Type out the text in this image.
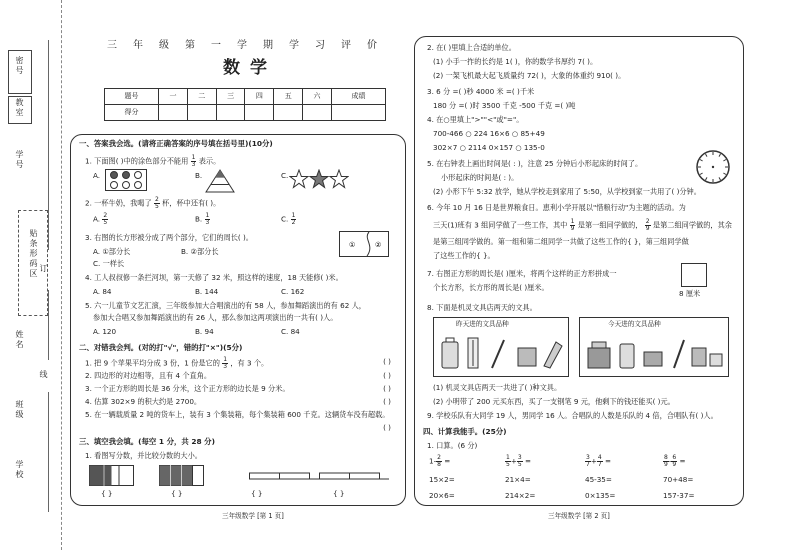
密号
教室
学号
贴条形码区 订
姓名
线
班级
学校
三年级第一学期学习评价
数学
题号	一	二	三	四	五	六	成绩
得分							
一、答案我会选。(请将正确答案的序号填在括号里)(10分)
1. 下面图( )中的涂色部分不能用 $\frac{1}{3}$ 表示。
A.	B.	C.
2. 一杯牛奶，我喝了 $\frac{2}{5}$ 杯，杯中还有( )。
A. $\frac{2}{5}$	B. $\frac{1}{3}$	C. $\frac{1}{2}$
3. 右图的长方形被分成了两个部分，它们的周长( )。
①	②
A. ①部分长	B. ②部分长
C. 一样长
4. 工人叔叔修一条拦河坝，第一天修了 32 米，照这样的速度，18 天能修( )米。
A. 84	B. 144	C. 162
5. 六一儿童节文艺汇演，三年级参加大合唱演出的有 58 人，参加舞蹈演出的有 62 人，
参加大合唱又参加舞蹈演出的有 26 人，那么参加这两项演出的一共有( )人。
A. 120	B. 94	C. 84
二、对错我会判。(对的打"√"，错的打"×")(5分)
1. 把 9 个苹果平均分成 3 份，1 份是它的 $\frac{1}{3}$ ，有 3 个。	( )
2. 四边形的对边相等，且有 4 个直角。	( )
3. 一个正方形的周长是 36 分米，这个正方形的边长是 9 分米。	( )
4. 估算 302×9 的积大约是 2700。	( )
5. 在一辆载质量 2 吨的货车上，装有 3 个集装箱，每个集装箱 600 千克。这辆货车没有超载。
( )
三、填空我会填。(每空 1 分，共 28 分)
1. 看图写分数，并比较分数的大小。
{ }	{ }	{ }	{ }
三年级数学 [第 1 页]
2. 在( )里填上合适的单位。
(1) 小手一拃的长约是 1( )，你的数学书厚约 7( )。
(2) 一架飞机最大起飞质量约 72( )，大象的体重约 910( )。
3. 6 分 =( )秒 4000 米 =( )千米
180 分 =( )时 3500 千克 -500 千克 =( )吨
4. 在○里填上">""<"或"="。
700-466 ○ 224 16×6 ○ 85+49
302×7 ○ 2114 0×157 ○ 135-0
5. 在右钟表上画出时间是( : )，注意 25 分钟后小形起床的时间了。
小形起床的时间是( : )。
(2) 小形下午 5:32 放学，她从学校走到家用了 5:50，从学校到家一共用了( )分钟。
6. 今年 10 月 16 日是世界粮食日。恵利小学开展以"惜粮行动"为主题的活动。为
三天(1)班有 3 组同学做了一些工作，其中 $\frac{1}{9}$ 是第一组同学做的， $\frac{2}{9}$ 是第二组同学做的，其余
是第三组同学做的。第一组和第二组同学一共做了这些工作的{ }，第三组同学做
了这些工作的{ }。
7. 右图正方形的周长是( )厘米，将两个这样的正方形拼成一
个长方形，长方形的周长是( )厘米。
8 厘米
8. 下面是机灵文具店两天的文具。
昨天进的文具品种	今天进的文具品种
(1) 机灵文具店两天一共进了( )种文具。
(2) 小明带了 200 元买东西，买了一支钢笔 9 元，他剩下的钱还能买( )元。
9. 学校乐队有大同学 19 人，男同学 16 人。合唱队的人数是乐队的 4 倍，合唱队有( )人。
四、计算我能手。(25分)
1. 口算。(6 分)
$1- \frac{2}{8}$ =	$\frac{1}{5} + \frac{3}{5}$ =	$\frac{3}{7} + \frac{4}{7}$ =	$\frac{8}{9} - \frac{6}{9}$ =
15×2=	21×4=	45-35=	70+48=
20×6=	214×2=	0×135=	157-37=
三年级数学 [第 2 页]
